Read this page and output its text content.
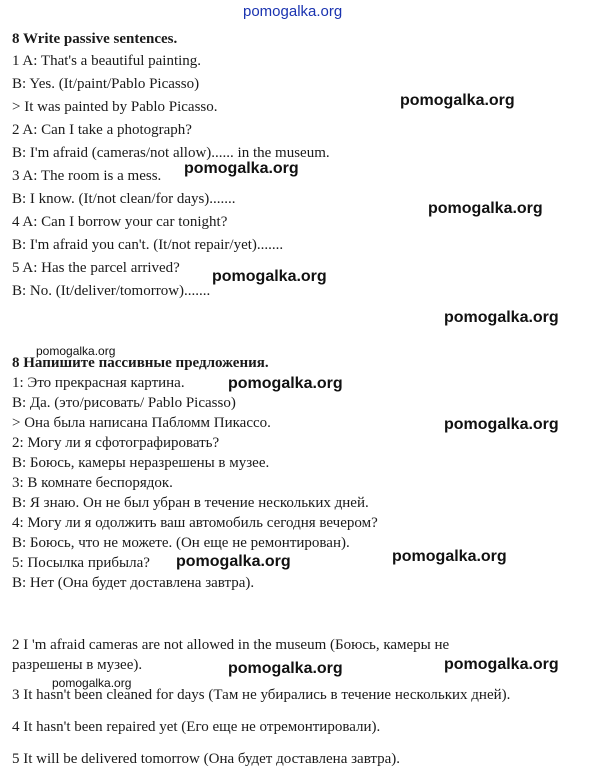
pomogalka.org
8 Write passive sentences.
1 A: That's a beautiful painting.
B: Yes. (It/paint/Pablo Picasso)
> It was painted by Pablo Picasso.
2 A: Can I take a photograph?
B: I'm afraid (cameras/not allow)...... in the museum.
3 A: The room is a mess.
B: I know. (It/not clean/for days).......
4 A: Can I borrow your car tonight?
B: I'm afraid you can't. (It/not repair/yet).......
5 A: Has the parcel arrived?
B: No. (It/deliver/tomorrow).......
8 Напишите пассивные предложения.
1: Это прекрасная картина.
В: Да. (это/рисовать/ Pablo Picasso)
> Она была написана Пабломм Пикассо.
2: Могу ли я сфотографировать?
В: Боюсь, камеры неразрешены в музее.
3: В комнате беспорядок.
В: Я знаю. Он не был убран в течение нескольких дней.
4: Могу ли я одолжить ваш автомобиль сегодня вечером?
В: Боюсь, что не можете. (Он еще не ремонтирован).
5: Посылка прибыла?
В: Нет (Она будет доставлена завтра).
2 I 'm afraid cameras are not allowed in the museum (Боюсь, камеры не
разрешены в музее).
3 It hasn't been cleaned for days (Там не убирались в течение нескольких дней).
4 It hasn't been repaired yet (Его еще не отремонтировали).
5 It will be delivered tomorrow (Она будет доставлена завтра).
pomogalka.org
pomogalka.org
pomogalka.org
pomogalka.org
pomogalka.org
pomogalka.org
pomogalka.org
pomogalka.org
pomogalka.org
pomogalka.org
pomogalka.org	pomogalka.org
pomogalka.org
